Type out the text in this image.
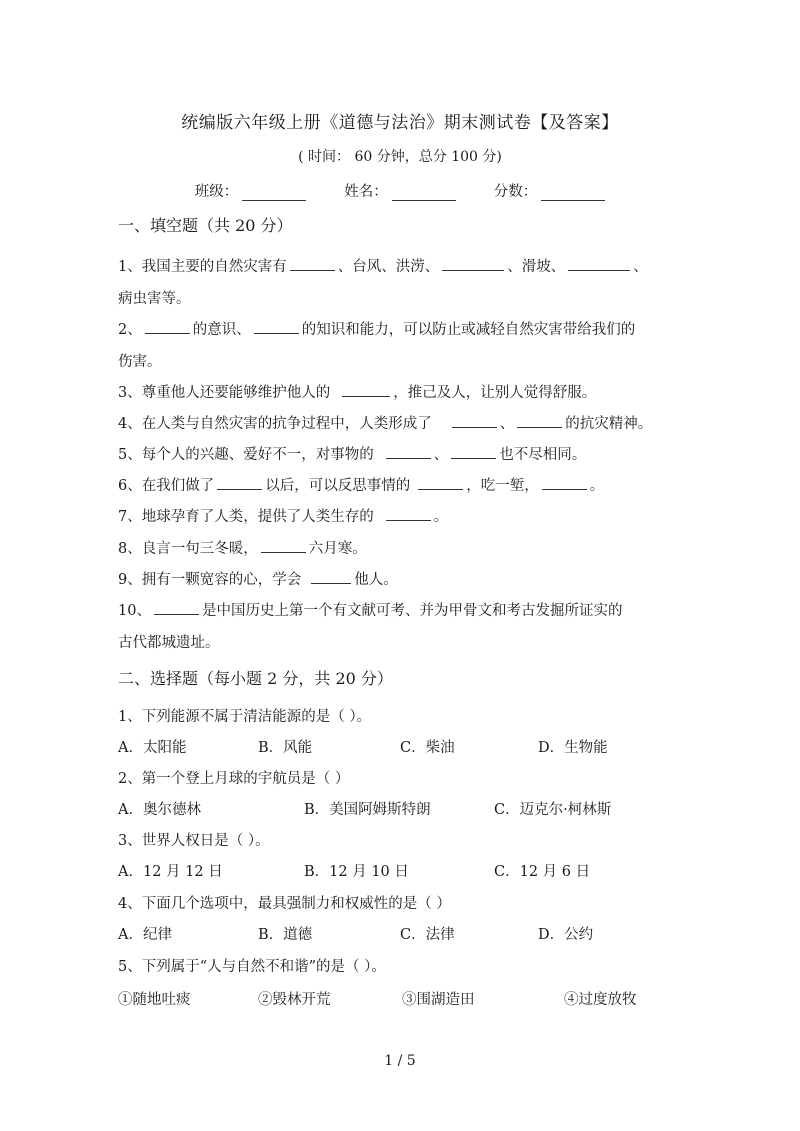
统编版六年级上册《道德与法治》期末测试卷【及答案】
( 时间： 60 分钟，总分 100 分)
班级：	姓名：	分数：
一、填空题（共 20 分）
1、我国主要的自然灾害有	、台风、洪涝、	、滑坡、	、
病虫害等。
2、	的意识、	的知识和能力，可以防止或减轻自然灾害带给我们的
伤害。
3、尊重他人还要能够维护他人的	，推己及人，让别人觉得舒服。
4、在人类与自然灾害的抗争过程中，人类形成了	、	的抗灾精神。
5、每个人的兴趣、爱好不一，对事物的	、	也不尽相同。
6、在我们做了	以后，可以反思事情的	，吃一堑，	。
7、地球孕育了人类，提供了人类生存的	。
8、良言一句三冬暖，	六月寒。
9、拥有一颗宽容的心，学会	他人。
10、	是中国历史上第一个有文献可考、并为甲骨文和考古发掘所证实的
古代都城遗址。
二、选择题（每小题 2 分，共 20 分）
1、下列能源不属于清洁能源的是（ ）。
A．太阳能	B．风能	C．柴油	D．生物能
2、第一个登上月球的宇航员是（ ）
A．奥尔德林	B．美国阿姆斯特朗	C．迈克尔·柯林斯
3、世界人权日是（ ）。
A．12 月 12 日	B．12 月 10 日	C．12 月 6 日
4、下面几个选项中，最具强制力和权威性的是（ ）
A．纪律	B．道德	C．法律	D．公约
5、下列属于“人与自然不和谐”的是（ ）。
①随地吐痰	②毁林开荒	③围湖造田	④过度放牧
1 / 5
